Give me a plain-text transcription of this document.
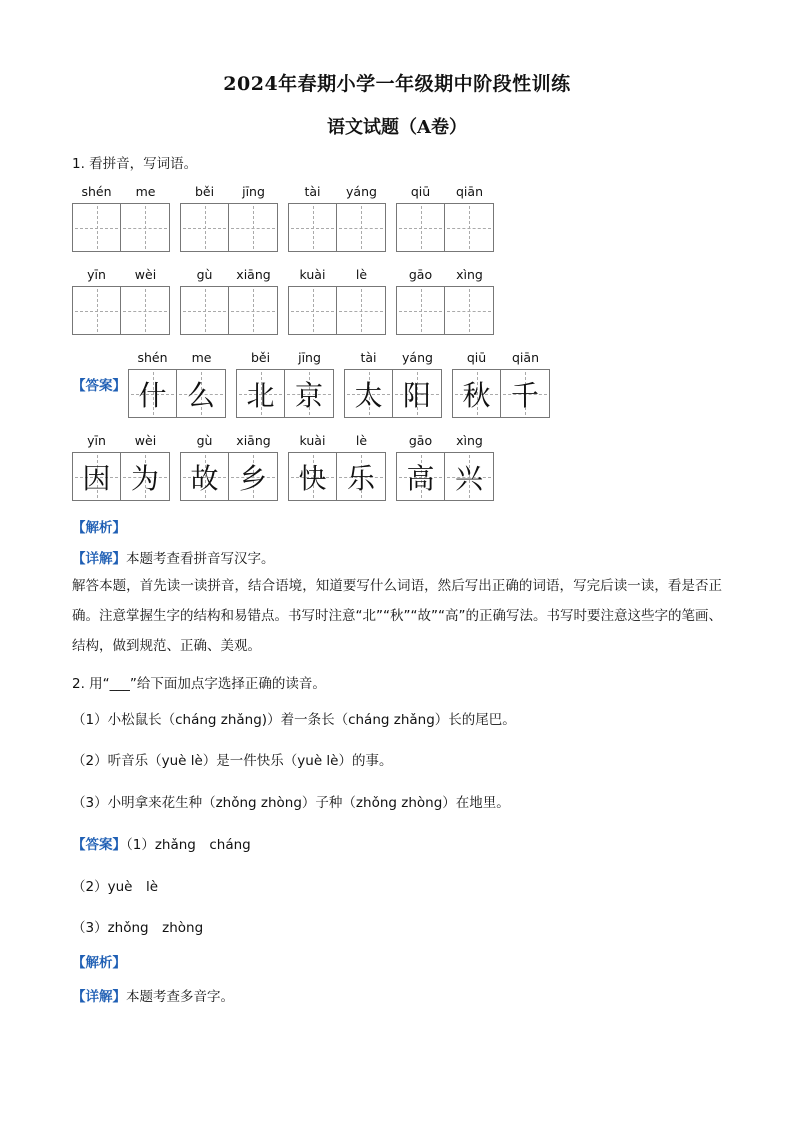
2024年春期小学一年级期中阶段性训练
语文试题（A卷）
1. 看拼音，写词语。
shén	me	běi	jīng	tài	yáng	qiū	qiān
yīn	wèi	gù	xiāng	kuài	lè	gāo	xìng
【答案】
shén	me
什 么
běi	jīng
北 京
tài	yáng
太 阳
qiū	qiān
秋 千
yīn	wèi
因 为
gù	xiāng
故 乡
kuài	lè
快 乐
gāo	xìng
高 兴
【解析】
【详解】本题考查看拼音写汉字。
解答本题，首先读一读拼音，结合语境，知道要写什么词语，然后写出正确的词语，写完后读一读，看是否正确。注意掌握生字的结构和易错点。书写时注意“北”“秋”“故”“高”的正确写法。书写时要注意这些字的笔画、结构，做到规范、正确、美观。
2. 用“___”给下面加点字选择正确的读音。
（1）小松鼠长（cháng zhǎng)）着一条长（cháng zhǎng）长的尾巴。
（2）听音乐（yuè lè）是一件快乐（yuè lè）的事。
（3）小明拿来花生种（zhǒng zhòng）子种（zhǒng zhòng）在地里。
【答案】（1）zhǎng　cháng
（2）yuè　lè
（3）zhǒng　zhòng
【解析】
【详解】本题考查多音字。
